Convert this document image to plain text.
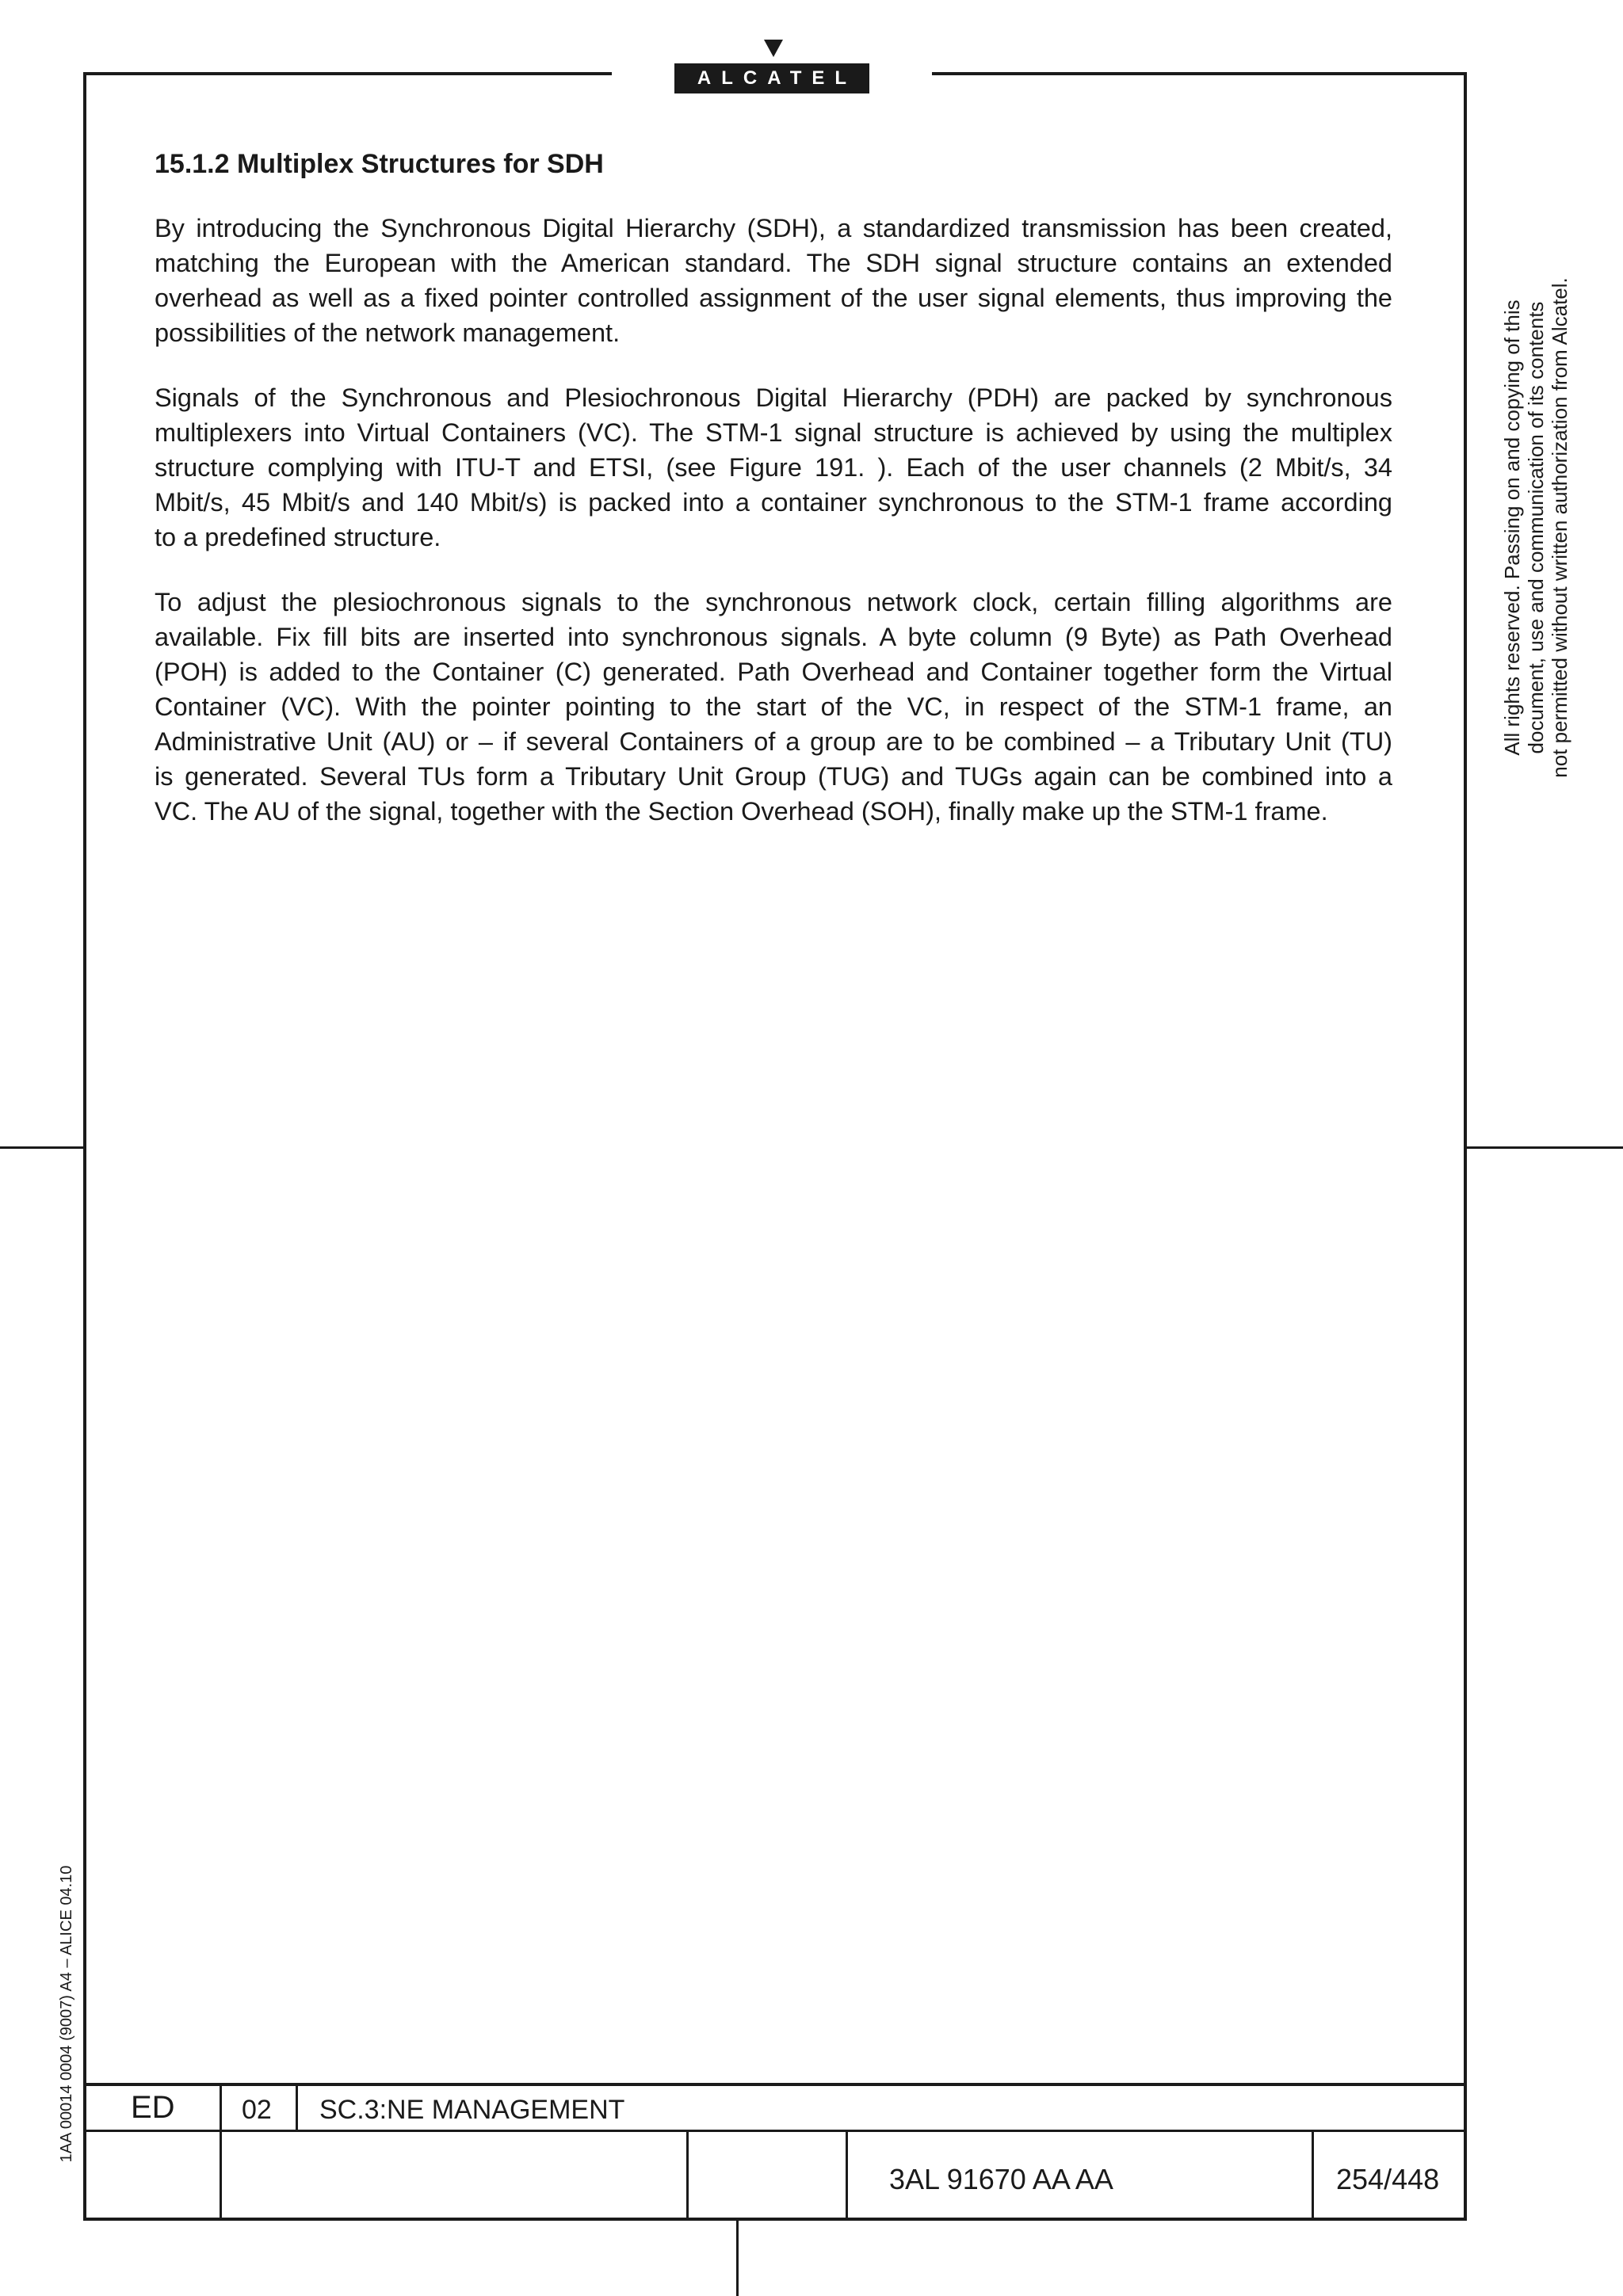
ALCATEL
15.1.2 Multiplex Structures for SDH

By introducing the Synchronous Digital Hierarchy (SDH), a standardized transmission has been created,
matching the European with the American standard. The SDH signal structure contains an extended
overhead as well as a fixed pointer controlled assignment of the user signal elements, thus improving the
possibilities of the network management.

Signals of the Synchronous and Plesiochronous Digital Hierarchy (PDH) are packed by synchronous
multiplexers into Virtual Containers (VC). The STM-1 signal structure is achieved by using the multiplex
structure complying with ITU-T and ETSI, (see Figure 191. ). Each of the user channels (2 Mbit/s, 34
Mbit/s, 45 Mbit/s and 140 Mbit/s) is packed into a container synchronous to the STM-1 frame according
to a predefined structure.

To adjust the plesiochronous signals to the synchronous network clock, certain filling algorithms are
available. Fix fill bits are inserted into synchronous signals. A byte column (9 Byte) as Path Overhead
(POH) is added to the Container (C) generated. Path Overhead and Container together form the Virtual
Container (VC). With the pointer pointing to the start of the VC, in respect of the STM-1 frame, an
Administrative Unit (AU) or – if several Containers of a group are to be combined – a Tributary Unit (TU)
is generated. Several TUs form a Tributary Unit Group (TUG) and TUGs again can be combined into a
VC. The AU of the signal, together with the Section Overhead (SOH), finally make up the STM-1 frame.

All rights reserved. Passing on and copying of this document, use and communication of its contents not permitted without written authorization from Alcatel.
1AA 00014 0004 (9007) A4 – ALICE 04.10 ED 02 SC.3:NE MANAGEMENT
3AL 91670 AA AA	254/448
